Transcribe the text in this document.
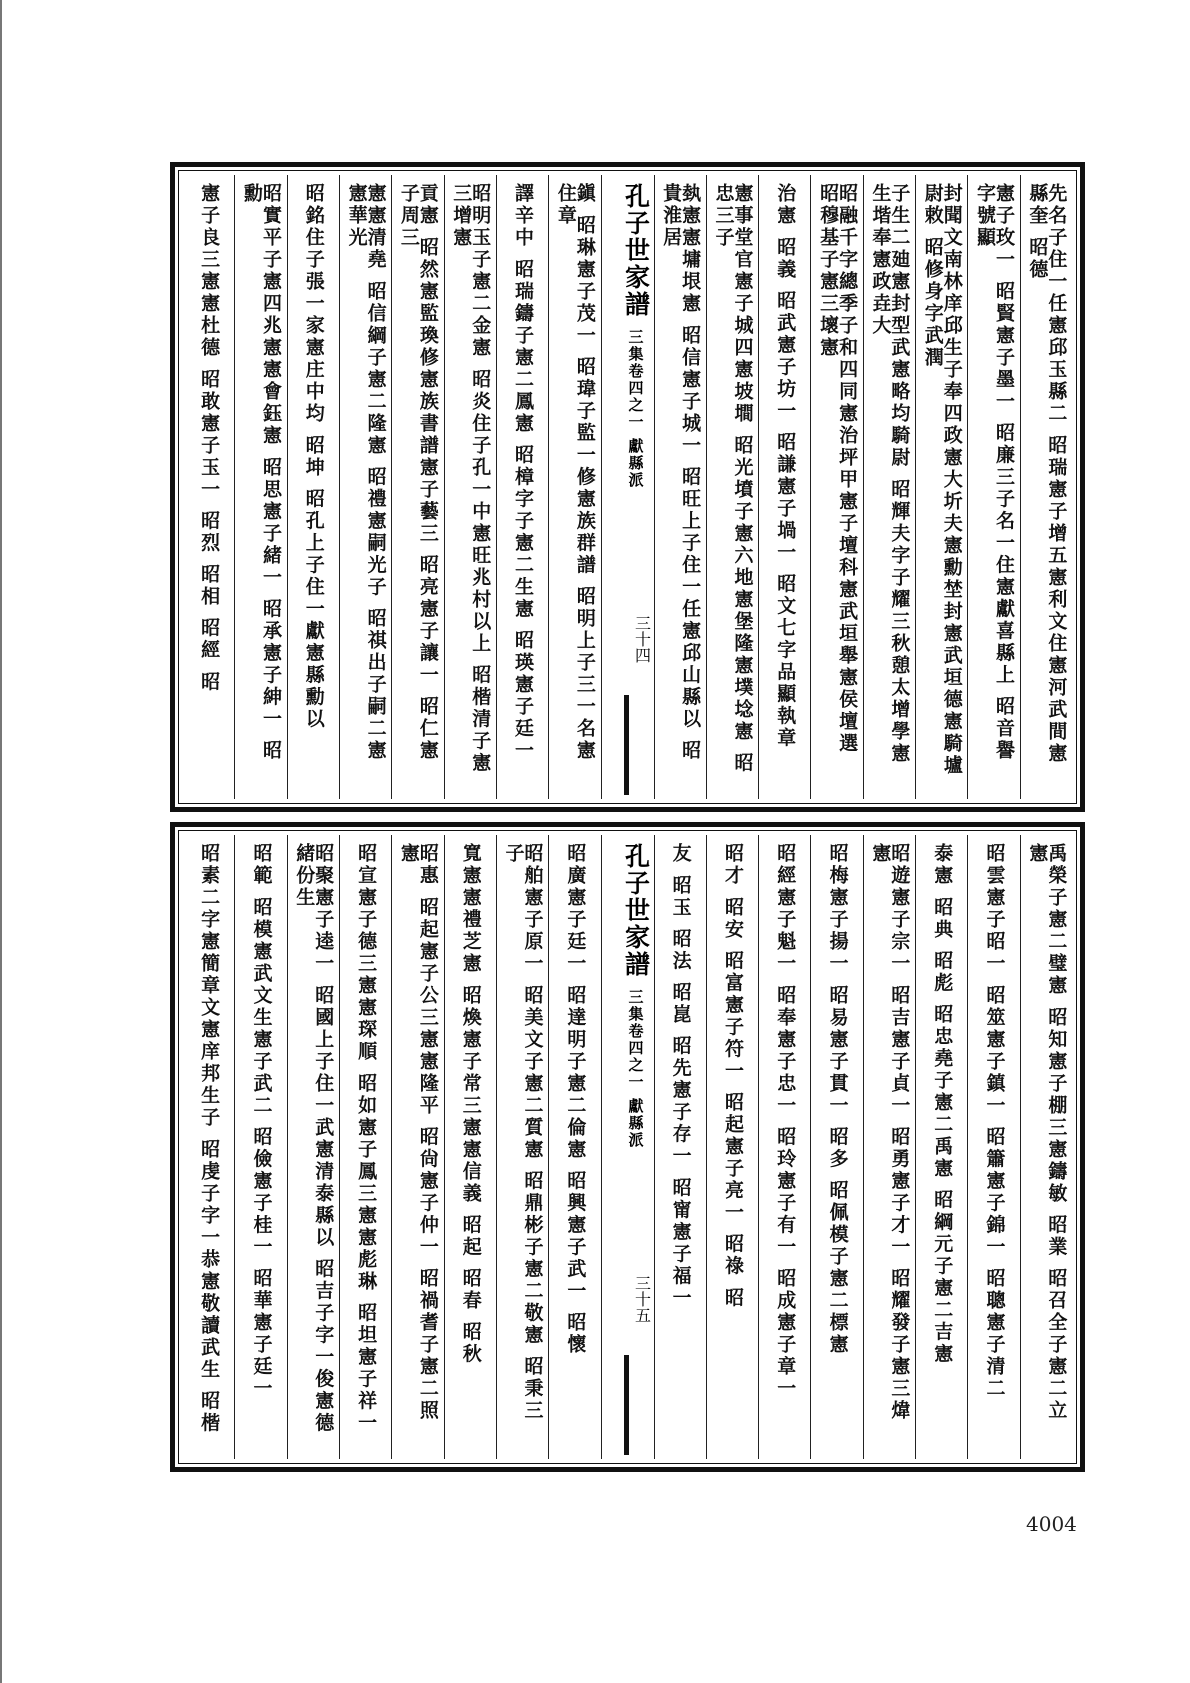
先名子住一任憲邱玉縣二 昭瑞憲子增五憲利文住憲河武間憲縣奎 昭德
憲子玫一 昭賢憲子墨一 昭廉三子名一住憲獻喜縣上 昭音譽字號顯
封聞文南林庠邱生子奉四政憲大圻夫憲勳埜封憲武垣德憲騎壚尉敕 昭修身字武潤
子生二廸憲封型武憲略均騎尉 昭輝夫字子耀三秋憩太增學憲生堦奉憲政垚大
昭融千字總季子和四同憲治坪甲憲子壇科憲武垣舉憲侯壇選 昭穆基子憲三壞憲
治憲 昭義 昭武憲子坊一 昭謙憲子堝一 昭文七字品顯執章
憲事堂官憲子城四憲坡墹 昭光墳子憲六地憲堡隆憲墣埝憲 昭忠三子
埶憲憲墉垠憲 昭信憲子城一 昭旺上子住一任憲邱山縣以 昭貴淮居
孔子世家譜 三集卷四之一 獻縣派
三十四
鎭 昭琳憲子茂一 昭瑋子監一修憲族群譜 昭明上子三一名憲住章
譯辛中 昭瑞鑄子憲二鳳憲 昭樟字子憲二生憲 昭瑛憲子廷一
昭明玉子憲二金憲 昭炎住子孔一中憲旺兆村以上 昭楷清子憲三增憲
貢憲 昭然憲監瑍修憲族書譜憲子藝三 昭亮憲子讓一 昭仁憲子周三
憲憲清堯 昭信綱子憲二隆憲 昭禮憲嗣光子 昭祺出子嗣二憲憲華光
昭銘住子張一家憲庄中均 昭坤 昭孔上子住一獻憲縣勳以
昭實平子憲四兆憲憲會鈺憲 昭思憲子緒一 昭承憲子紳一 昭勳
憲子良三憲憲杜德 昭敢憲子玉一 昭烈 昭相 昭經 昭
禹榮子憲二璧憲 昭知憲子棚三憲鑄敏 昭業 昭召全子憲二立憲
昭雲憲子昭一 昭筮憲子鎮一 昭簫憲子錦一 昭聰憲子清二
泰憲 昭典 昭彪 昭忠堯子憲二禹憲 昭綱元子憲二吉憲
昭遊憲子宗一 昭吉憲子貞一 昭勇憲子才一 昭耀發子憲三煒憲
昭梅憲子揚一 昭易憲子貫一 昭多 昭佩模子憲二標憲
昭經憲子魁一 昭奉憲子忠一 昭玲憲子有一 昭成憲子章一
昭才 昭安 昭富憲子符一 昭起憲子亮一 昭祿 昭
友 昭玉 昭法 昭崑 昭先憲子存一 昭甯憲子福一
孔子世家譜 三集卷四之一 獻縣派
三十五
昭廣憲子廷一 昭達明子憲二倫憲 昭興憲子武一 昭懷
昭舶憲子原一 昭美文子憲二質憲 昭鼎彬子憲二敬憲 昭秉三子
寬憲憲禮芝憲 昭煥憲子常三憲憲信義 昭起 昭春 昭秋
昭惠 昭起憲子公三憲憲隆平 昭尙憲子仲一 昭禍耆子憲二照憲
昭宣憲子德三憲憲琛順 昭如憲子鳳三憲憲彪琳 昭坦憲子祥一
昭聚憲子逵一 昭國上子住一武憲清泰縣以 昭吉子字一俊憲德緒份生
昭範 昭模憲武文生憲子武二 昭儉憲子桂一 昭華憲子廷一
昭素二字憲簡章文憲庠邦生子 昭虔子字一恭憲敬讀武生 昭楷
4004
